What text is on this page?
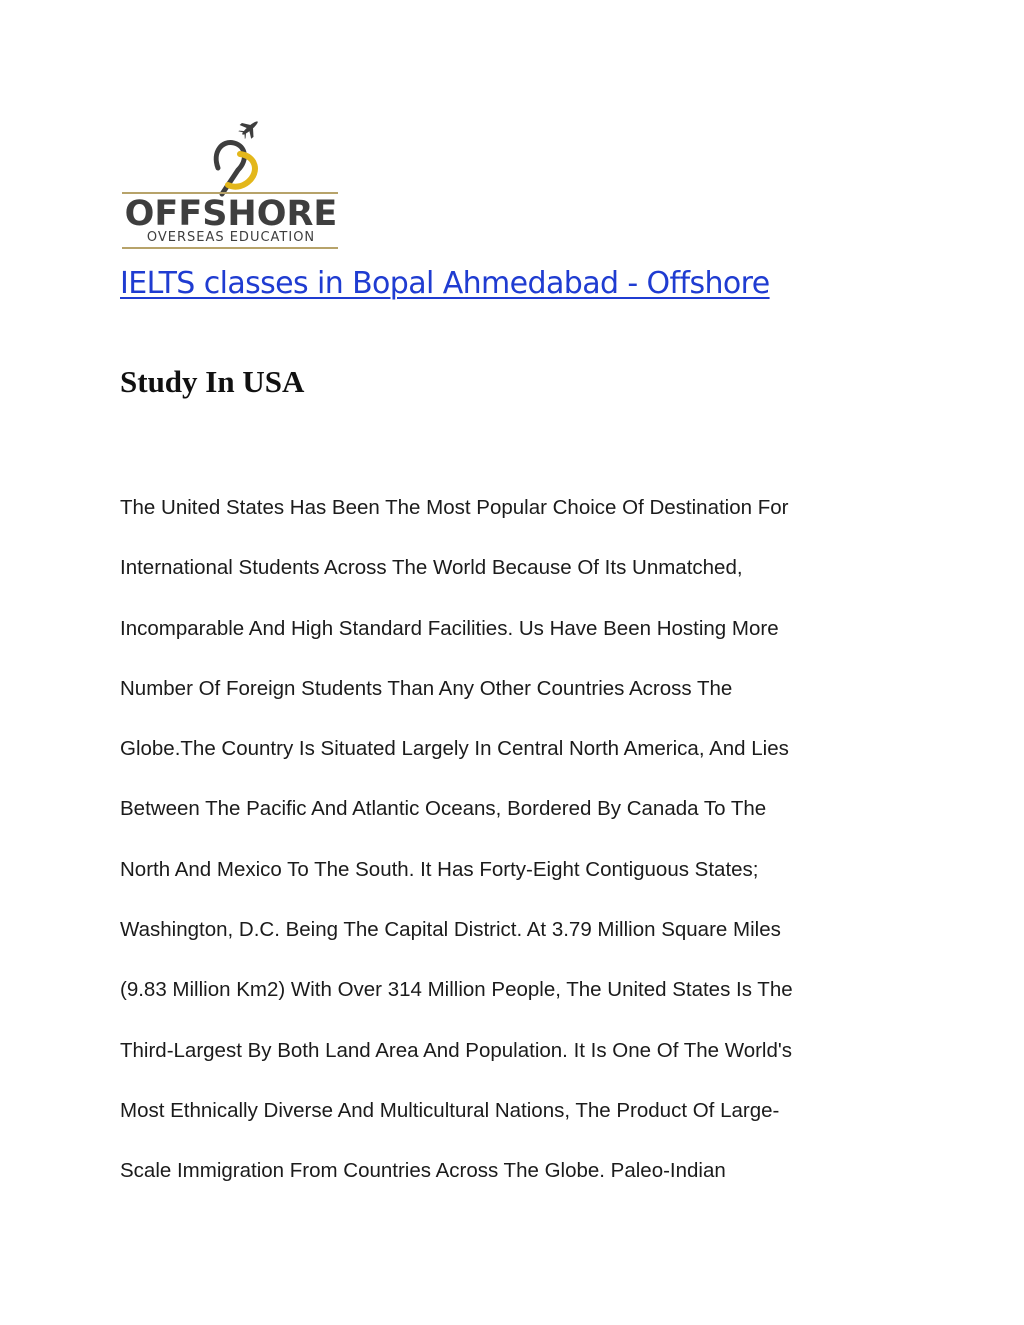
OFFSHORE
OVERSEAS EDUCATION
IELTS classes in Bopal Ahmedabad - Offshore
Study In USA
The United States Has Been The Most Popular Choice Of Destination For
International Students Across The World Because Of Its Unmatched,
Incomparable And High Standard Facilities. Us Have Been Hosting More
Number Of Foreign Students Than Any Other Countries Across The
Globe.The Country Is Situated Largely In Central North America, And Lies
Between The Pacific And Atlantic Oceans, Bordered By Canada To The
North And Mexico To The South. It Has Forty-Eight Contiguous States;
Washington, D.C. Being The Capital District. At 3.79 Million Square Miles
(9.83 Million Km2) With Over 314 Million People, The United States Is The
Third-Largest By Both Land Area And Population. It Is One Of The World's
Most Ethnically Diverse And Multicultural Nations, The Product Of Large-
Scale Immigration From Countries Across The Globe. Paleo-Indian
